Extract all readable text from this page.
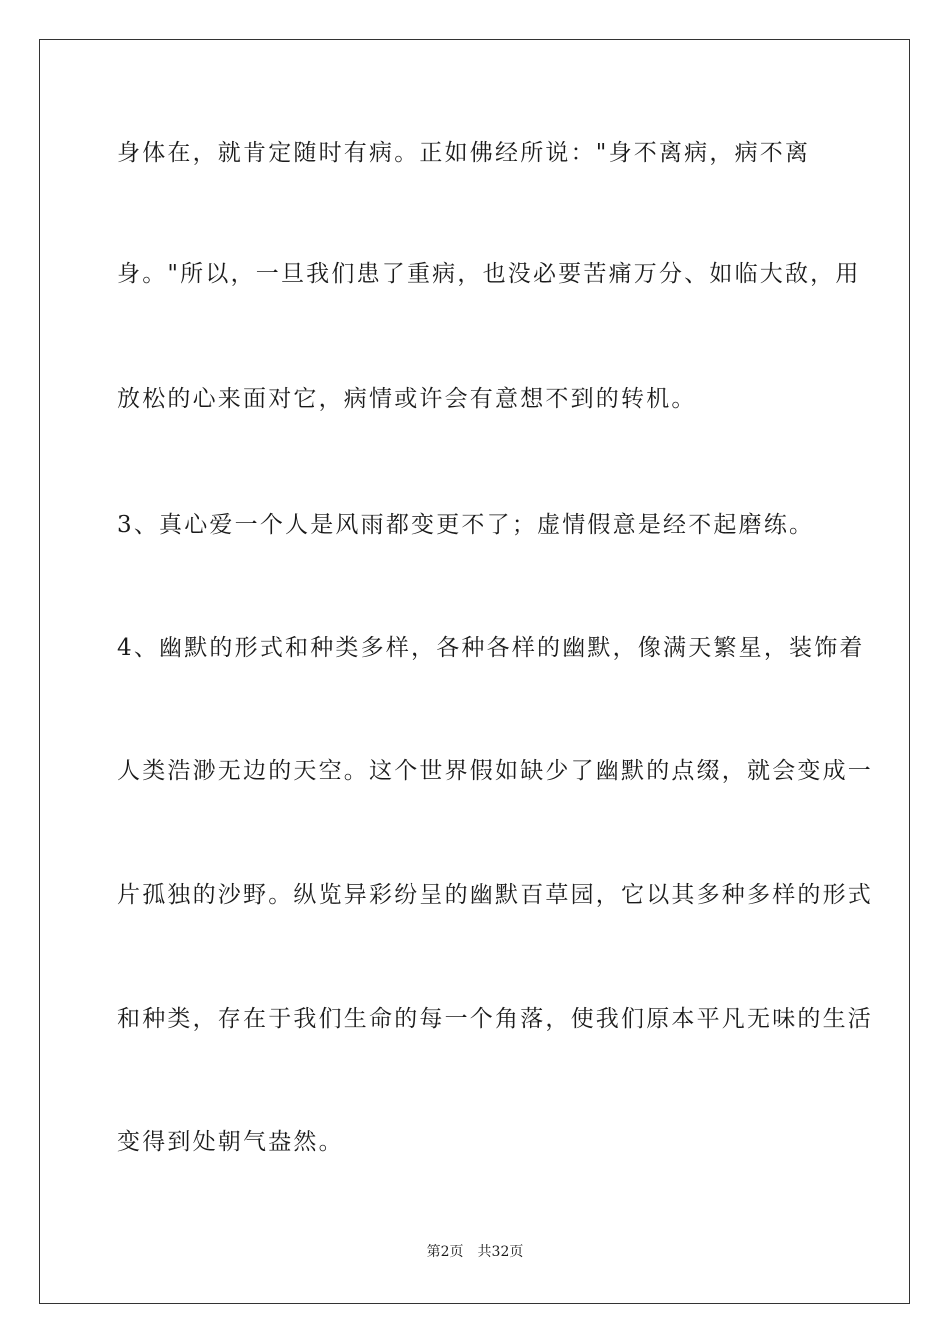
身体在，就肯定随时有病。正如佛经所说："身不离病，病不离
身。"所以，一旦我们患了重病，也没必要苦痛万分、如临大敌，用
放松的心来面对它，病情或许会有意想不到的转机。
3、真心爱一个人是风雨都变更不了；虚情假意是经不起磨练。
4、幽默的形式和种类多样，各种各样的幽默，像满天繁星，装饰着
人类浩渺无边的天空。这个世界假如缺少了幽默的点缀，就会变成一
片孤独的沙野。纵览异彩纷呈的幽默百草园，它以其多种多样的形式
和种类，存在于我们生命的每一个角落，使我们原本平凡无味的生活
变得到处朝气盎然。
第2页 共32页
